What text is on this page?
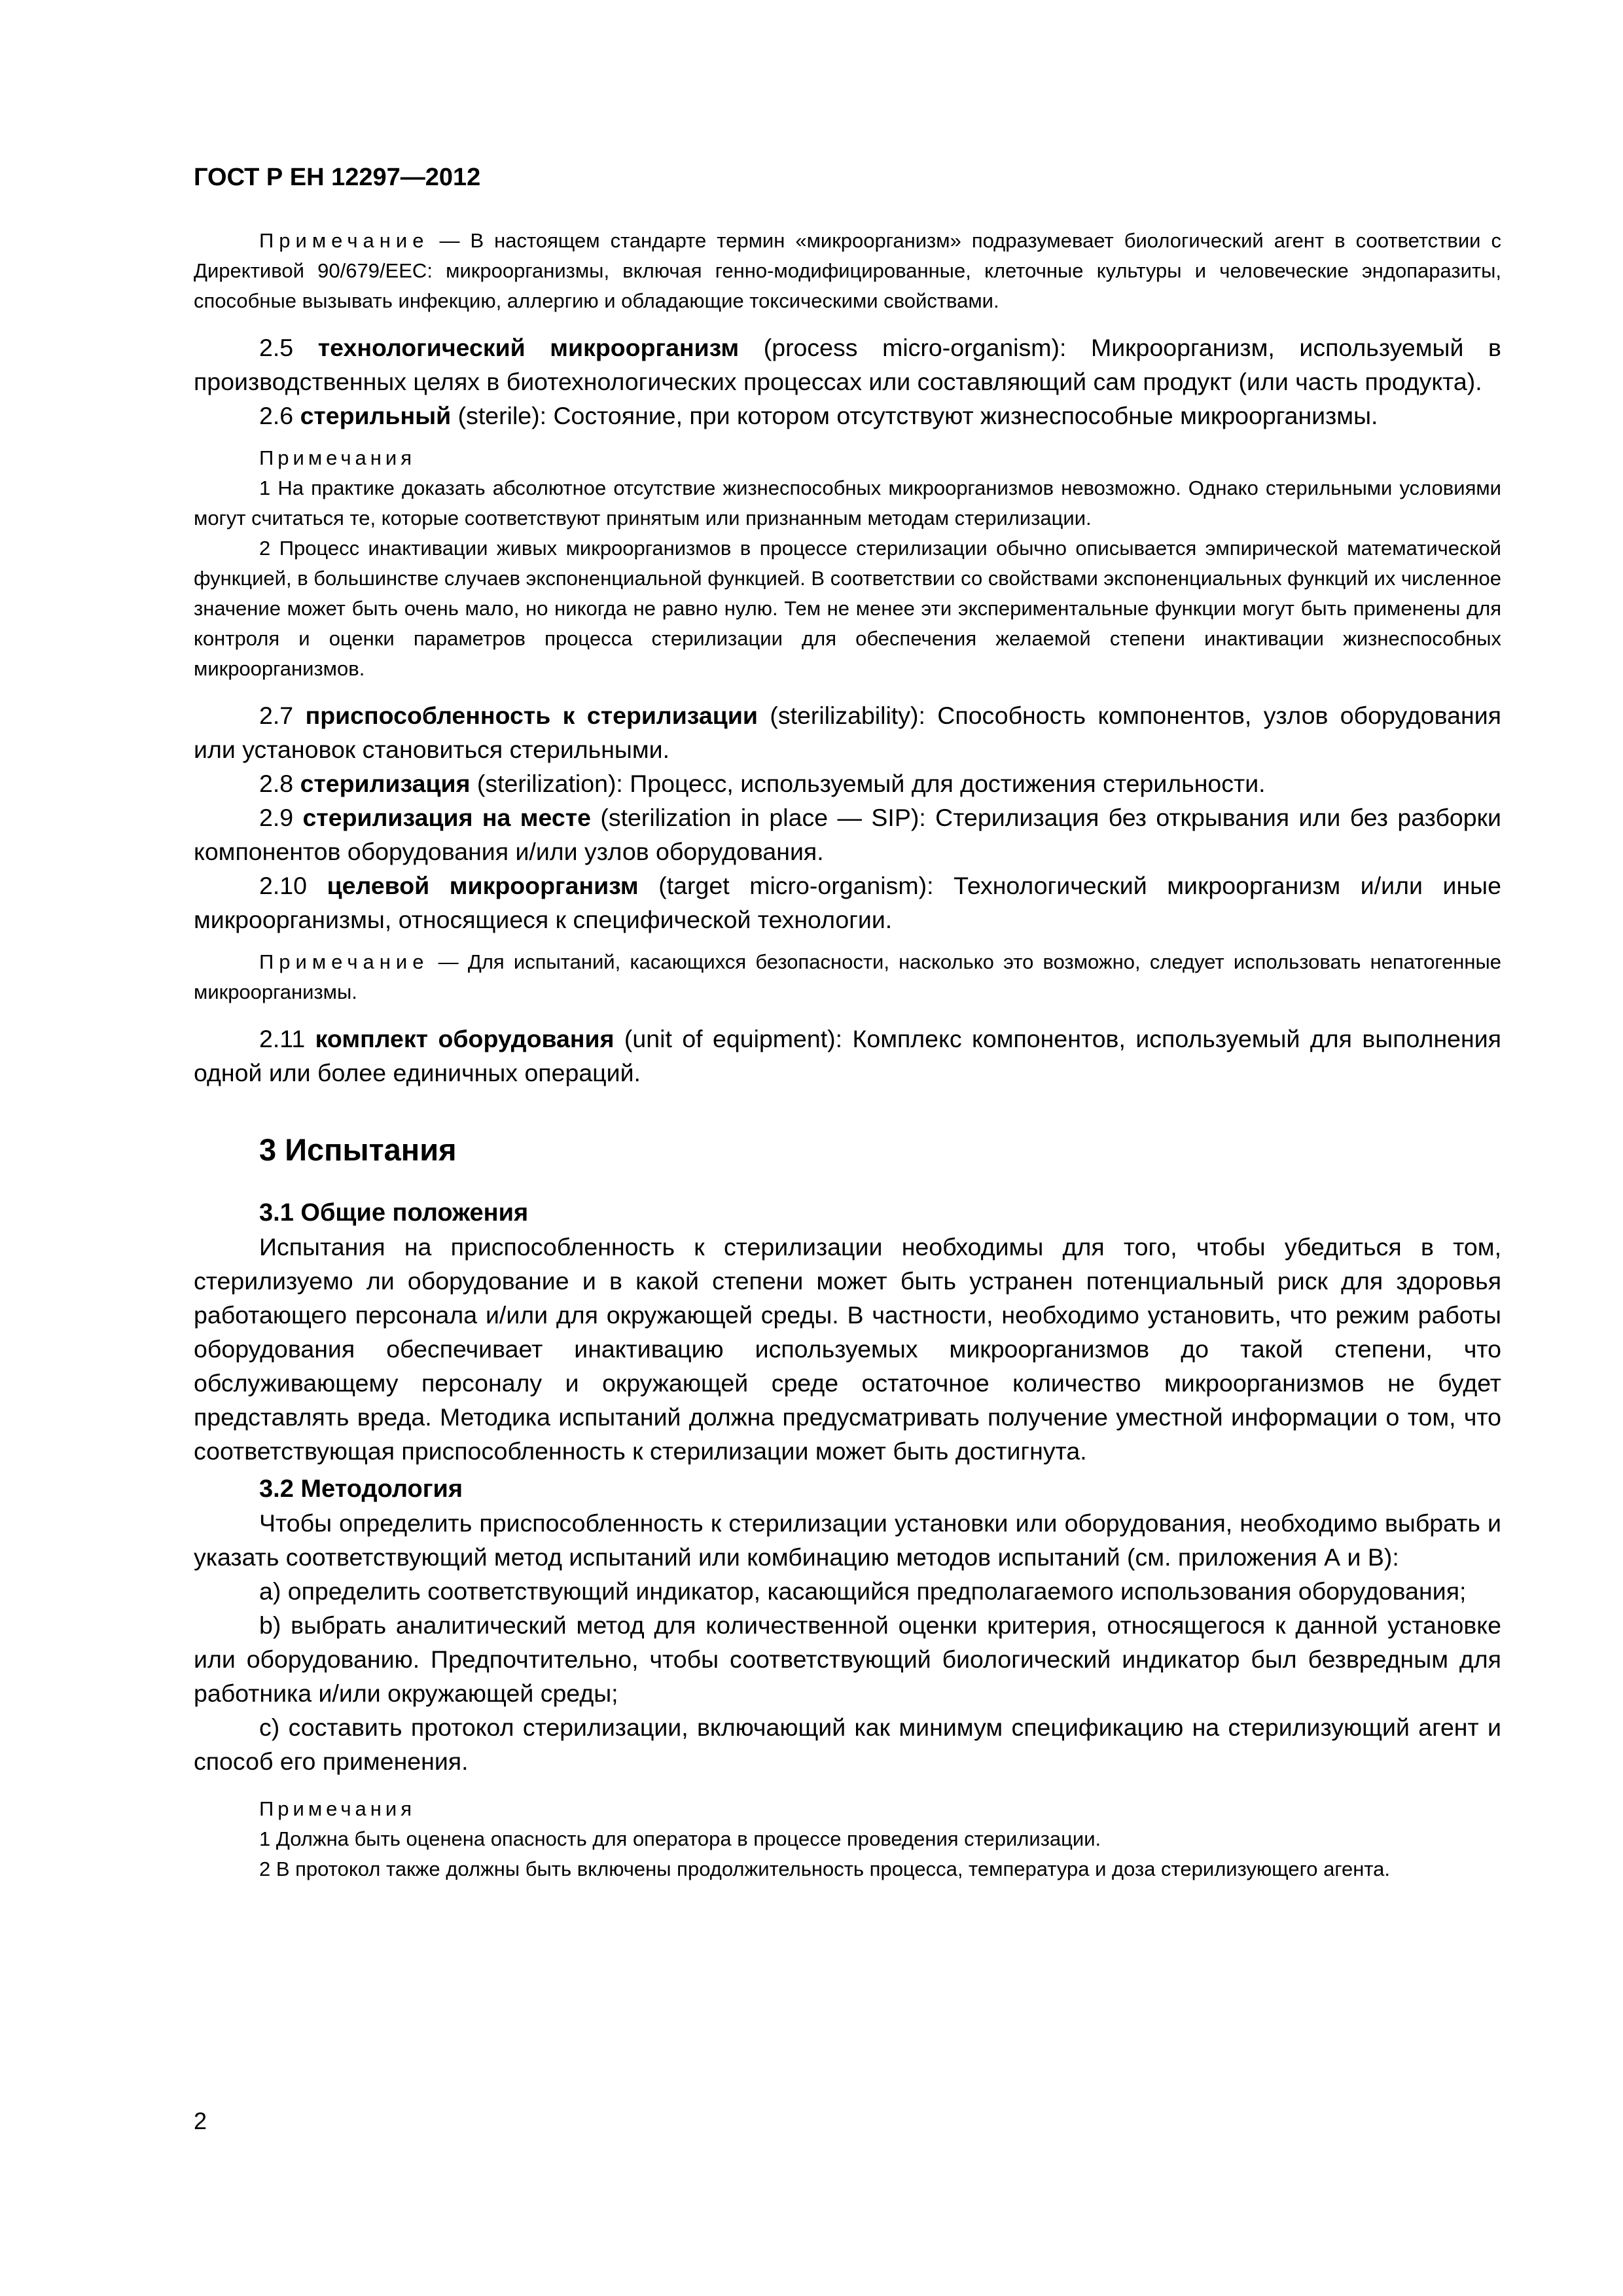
ГОСТ Р ЕН 12297—2012

Примечание — В настоящем стандарте термин «микроорганизм» подразумевает биологический агент в соответствии с Директивой 90/679/ЕЕС: микроорганизмы, включая генно-модифицированные, клеточные культуры и человеческие эндопаразиты, способные вызывать инфекцию, аллергию и обладающие токсическими свойствами.

2.5 технологический микроорганизм (process micro-organism): Микроорганизм, используемый в производственных целях в биотехнологических процессах или составляющий сам продукт (или часть продукта).

2.6 стерильный (sterile): Состояние, при котором отсутствуют жизнеспособные микроорганизмы.

Примечания

1 На практике доказать абсолютное отсутствие жизнеспособных микроорганизмов невозможно. Однако стерильными условиями могут считаться те, которые соответствуют принятым или признанным методам стерилизации.

2 Процесс инактивации живых микроорганизмов в процессе стерилизации обычно описывается эмпирической математической функцией, в большинстве случаев экспоненциальной функцией. В соответствии со свойствами экспоненциальных функций их численное значение может быть очень мало, но никогда не равно нулю. Тем не менее эти экспериментальные функции могут быть применены для контроля и оценки параметров процесса стерилизации для обеспечения желаемой степени инактивации жизнеспособных микроорганизмов.

2.7 приспособленность к стерилизации (sterilizability): Способность компонентов, узлов оборудования или установок становиться стерильными.

2.8 стерилизация (sterilization): Процесс, используемый для достижения стерильности.

2.9 стерилизация на месте (sterilization in place — SIP): Стерилизация без открывания или без разборки компонентов оборудования и/или узлов оборудования.

2.10 целевой микроорганизм (target micro-organism): Технологический микроорганизм и/или иные микроорганизмы, относящиеся к специфической технологии.

Примечание — Для испытаний, касающихся безопасности, насколько это возможно, следует использовать непатогенные микроорганизмы.

2.11 комплект оборудования (unit of equipment): Комплекс компонентов, используемый для выполнения одной или более единичных операций.

3 Испытания

3.1 Общие положения

Испытания на приспособленность к стерилизации необходимы для того, чтобы убедиться в том, стерилизуемо ли оборудование и в какой степени может быть устранен потенциальный риск для здоровья работающего персонала и/или для окружающей среды. В частности, необходимо установить, что режим работы оборудования обеспечивает инактивацию используемых микроорганизмов до такой степени, что обслуживающему персоналу и окружающей среде остаточное количество микроорганизмов не будет представлять вреда. Методика испытаний должна предусматривать получение уместной информации о том, что соответствующая приспособленность к стерилизации может быть достигнута.

3.2 Методология

Чтобы определить приспособленность к стерилизации установки или оборудования, необходимо выбрать и указать соответствующий метод испытаний или комбинацию методов испытаний (см. приложения А и В):

а) определить соответствующий индикатор, касающийся предполагаемого использования оборудования;

b) выбрать аналитический метод для количественной оценки критерия, относящегося к данной установке или оборудованию. Предпочтительно, чтобы соответствующий биологический индикатор был безвредным для работника и/или окружающей среды;

с) составить протокол стерилизации, включающий как минимум спецификацию на стерилизующий агент и способ его применения.

Примечания

1 Должна быть оценена опасность для оператора в процессе проведения стерилизации.

2 В протокол также должны быть включены продолжительность процесса, температура и доза стерилизующего агента.

2
